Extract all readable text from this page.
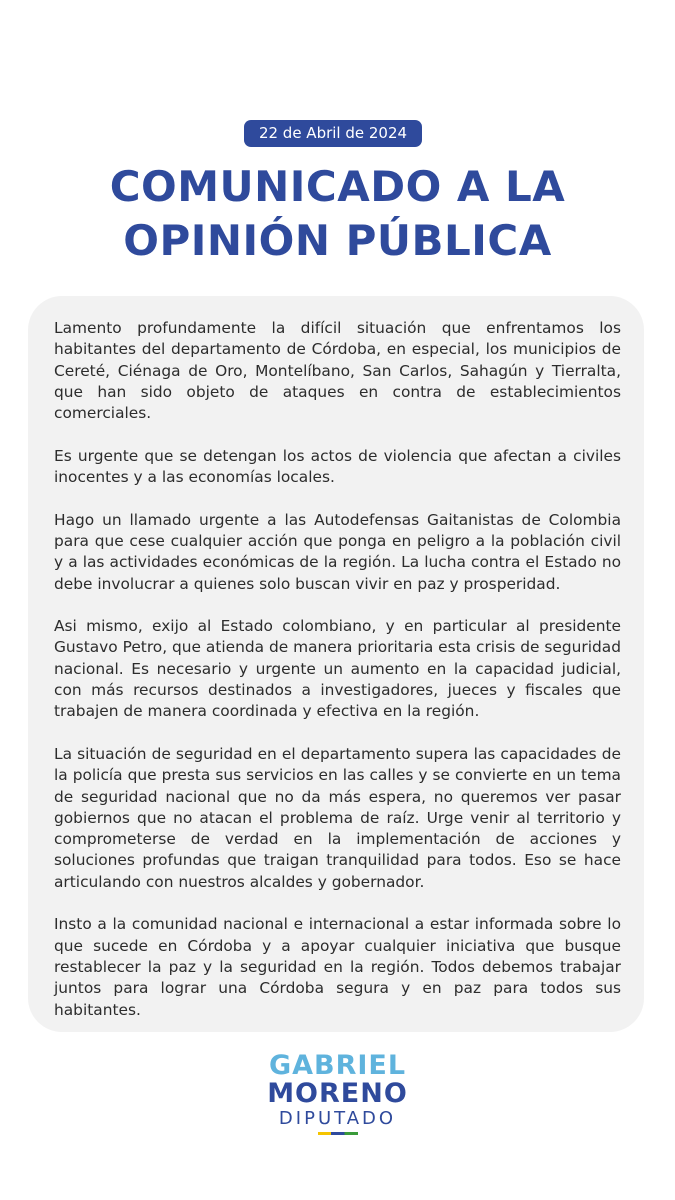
22 de Abril de 2024
COMUNICADO A LA
OPINIÓN PÚBLICA

Lamento profundamente la difícil situación que enfrentamos los habitantes del departamento de Córdoba, en especial, los municipios de Cereté, Ciénaga de Oro, Montelíbano, San Carlos, Sahagún y Tierralta, que han sido objeto de ataques en contra de establecimientos comerciales.

Es urgente que se detengan los actos de violencia que afectan a civiles inocentes y a las economías locales.

Hago un llamado urgente a las Autodefensas Gaitanistas de Colombia para que cese cualquier acción que ponga en peligro a la población civil y a las actividades económicas de la región. La lucha contra el Estado no debe involucrar a quienes solo buscan vivir en paz y prosperidad.

Asi mismo, exijo al Estado colombiano, y en particular al presidente Gustavo Petro, que atienda de manera prioritaria esta crisis de seguridad nacional. Es necesario y urgente un aumento en la capacidad judicial, con más recursos destinados a investigadores, jueces y fiscales que trabajen de manera coordinada y efectiva en la región.

La situación de seguridad en el departamento supera las capacidades de la policía que presta sus servicios en las calles y se convierte en un tema de seguridad nacional que no da más espera, no queremos ver pasar gobiernos que no atacan el problema de raíz. Urge venir al territorio y comprometerse de verdad en la implementación de acciones y soluciones profundas que traigan tranquilidad para todos. Eso se hace articulando con nuestros alcaldes y gobernador.

Insto a la comunidad nacional e internacional a estar informada sobre lo que sucede en Córdoba y a apoyar cualquier iniciativa que busque restablecer la paz y la seguridad en la región. Todos debemos trabajar juntos para lograr una Córdoba segura y en paz para todos sus habitantes.

GABRIEL
MORENO
DIPUTADO
